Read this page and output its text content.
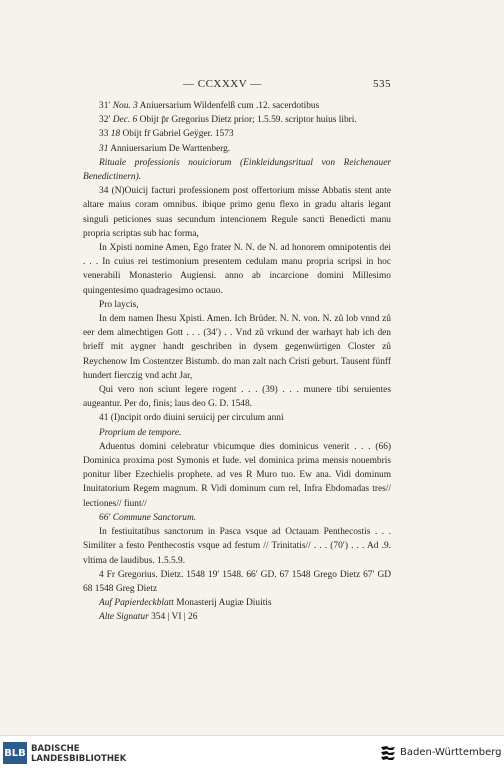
— CCXXXV —	535

31′ Nou. 3 Aniuersarium Wildenfelß cum .12. sacerdotibus

32′ Dec. 6 Obijt p̄r Gregorius Dietz prior; 1.5.59. scriptor huius libri.

33 18 Obijt fr̄ Gabriel Geÿger. 1573

31 Anniuersarium De Warttenberg.

Rituale professionis nouiciorum (Einkleidungsritual von Reichenauer Benedictinern).

34 (N)Ouicij facturi professionem post offertorium misse Abbatis stent ante altare maius coram omnibus. ibique primo genu flexo in gradu altaris legant singuli peticiones suas secundum intencionem Regule sancti Benedicti manu propria scriptas sub hac forma,

In Xpisti nomine Amen, Ego frater N. N. de N. ad honorem omnipotentis dei . . . In cuius rei testimonium presentem cedulam manu propria scripsi in hoc venerabili Monasterio Augiensi. anno ab incarcione domini Millesimo quingentesimo quadragesimo octauo.

Pro laycis,

In dem namen Ihesu Xpisti. Amen. Ich Brüder. N. N. von. N. zů lob vnnd zů eer dem almechtigen Gott . . . (34′) . . Vnd zů vrkund der warhayt hab ich den brieff mit aygner handt geschriben in dysem gegenwürtigen Closter zů Reychenow Im Costentzer Bistumb. do man zalt nach Cristi geburt. Tausent fünff hundert fierczig vnd acht Jar,

Qui vero non sciunt legere rogent . . . (39) . . . munere tibi seruientes augeantur. Per do, finis; laus deo G. D. 1548.

41 (I)ncipit ordo diuini seruicij per circulum anni

Proprium de tempore.

Aduentus domini celebratur vbicumque dies dominicus venerit . . . (66) Dominica proxima post Symonis et Iude. vel dominica prima mensis nouembris ponitur liber Ezechielis prophete. ad ves R Muro tuo. Ew ana. Vidi dominum Inuitatorium Regem magnum. R Vidi dominum cum rel, Infra Ebdomadas tres// lectiones// fiunt//

66′ Commune Sanctorum.

In festiuitatibus sanctorum in Pasca vsque ad Octauam Penthecostis . . . Similiter a festo Penthecostis vsque ad festum // Trinitatis// . . . (70′) . . . Ad .9. vltima de laudibus. 1.5.5.9.

4 Fr Gregorius. Dietz. 1548 19′ 1548. 66′ GD. 67 1548 Grego Dietz 67′ GD 68 1548 Greg Dietz

Auf Papierdeckblatt Monasterij Augiæ Diuitis

Alte Signatur 354 | VI | 26

BLB BADISCHE
LANDESBIBLIOTHEK
Baden-Württemberg
